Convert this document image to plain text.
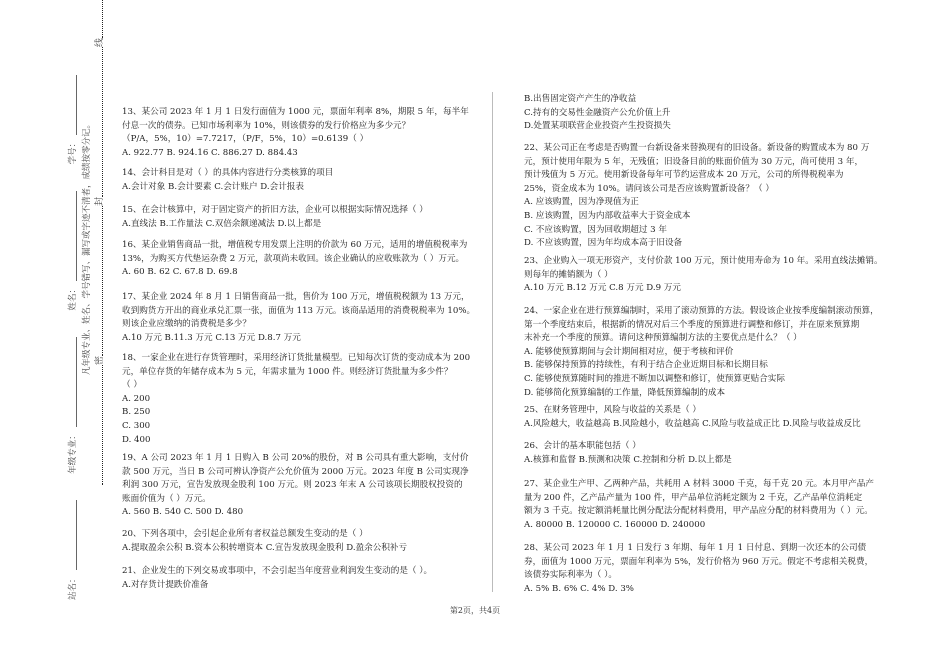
站名： 年级专业： 姓名： 学号： 凡年级专业、姓名、学号错写、漏写或字迹不清者，成绩按零分记。 密封线
13、某公司 2023 年 1 月 1 日发行面值为 1000 元，票面年利率 8%，期限 5 年，每半年
付息一次的债券。已知市场利率为 10%，则该债券的发行价格应为多少元？
（P/A，5%，10）=7.7217，（P/F，5%，10）=0.6139（ ）
A. 922.77 B. 924.16 C. 886.27 D. 884.43
14、会计科目是对（ ）的具体内容进行分类核算的项目
A.会计对象 B.会计要素 C.会计账户 D.会计报表
15、在会计核算中，对于固定资产的折旧方法，企业可以根据实际情况选择（ ）
A.直线法 B.工作量法 C.双倍余额递减法 D.以上都是
16、某企业销售商品一批，增值税专用发票上注明的价款为 60 万元，适用的增值税税率为
13%，为购买方代垫运杂费 2 万元，款项尚未收回。该企业确认的应收账款为（ ）万元。
A. 60 B. 62 C. 67.8 D. 69.8
17、某企业 2024 年 8 月 1 日销售商品一批，售价为 100 万元，增值税税额为 13 万元，
收到购货方开出的商业承兑汇票一张，面值为 113 万元。该商品适用的消费税税率为 10%。
则该企业应缴纳的消费税是多少？
A.10 万元 B.11.3 万元 C.13 万元 D.8.7 万元
18、一家企业在进行存货管理时，采用经济订货批量模型。已知每次订货的变动成本为 200
元，单位存货的年储存成本为 5 元，年需求量为 1000 件。则经济订货批量为多少件？
（ ）
A. 200
B. 250
C. 300
D. 400
19、A 公司 2023 年 1 月 1 日购入 B 公司 20%的股份，对 B 公司具有重大影响，支付价
款 500 万元，当日 B 公司可辨认净资产公允价值为 2000 万元。2023 年度 B 公司实现净
利润 300 万元，宣告发放现金股利 100 万元。则 2023 年末 A 公司该项长期股权投资的
账面价值为（ ）万元。
A. 560 B. 540 C. 500 D. 480
20、下列各项中，会引起企业所有者权益总额发生变动的是（ ）
A.提取盈余公积 B.资本公积转增资本 C.宣告发放现金股利 D.盈余公积补亏
21、企业发生的下列交易或事项中，不会引起当年度营业利润发生变动的是（ ）。
A.对存货计提跌价准备
B.出售固定资产产生的净收益
C.持有的交易性金融资产公允价值上升
D.处置某项联营企业投资产生投资损失
22、某公司正在考虑是否购置一台新设备来替换现有的旧设备。新设备的购置成本为 80 万
元，预计使用年限为 5 年，无残值；旧设备目前的账面价值为 30 万元，尚可使用 3 年，
预计残值为 5 万元。使用新设备每年可节约运营成本 20 万元，公司的所得税税率为
25%，资金成本为 10%。请问该公司是否应该购置新设备？（ ）
A. 应该购置，因为净现值为正
B. 应该购置，因为内部收益率大于资金成本
C. 不应该购置，因为回收期超过 3 年
D. 不应该购置，因为年均成本高于旧设备
23、企业购入一项无形资产，支付价款 100 万元，预计使用寿命为 10 年。采用直线法摊销。
则每年的摊销额为（ ）
A.10 万元 B.12 万元 C.8 万元 D.9 万元
24、一家企业在进行预算编制时，采用了滚动预算的方法。假设该企业按季度编制滚动预算，
第一个季度结束后，根据新的情况对后三个季度的预算进行调整和修订，并在原来预算期
末补充一个季度的预算。请问这种预算编制方法的主要优点是什么？（ ）
A. 能够使预算期间与会计期间相对应，便于考核和评价
B. 能够保持预算的持续性，有利于结合企业近期目标和长期目标
C. 能够使预算随时间的推进不断加以调整和修订，使预算更贴合实际
D. 能够简化预算编制的工作量，降低预算编制的成本
25、在财务管理中，风险与收益的关系是（ ）
A.风险越大，收益越高 B.风险越小，收益越高 C.风险与收益成正比 D.风险与收益成反比
26、会计的基本职能包括（ ）
A.核算和监督 B.预测和决策 C.控制和分析 D.以上都是
27、某企业生产甲、乙两种产品，共耗用 A 材料 3000 千克，每千克 20 元。本月甲产品产
量为 200 件，乙产品产量为 100 件，甲产品单位消耗定额为 2 千克，乙产品单位消耗定
额为 3 千克。按定额消耗量比例分配法分配材料费用，甲产品应分配的材料费用为（ ）元。
A. 80000 B. 120000 C. 160000 D. 240000
28、某公司 2023 年 1 月 1 日发行 3 年期、每年 1 月 1 日付息、到期一次还本的公司债
券，面值为 1000 万元，票面年利率为 5%，发行价格为 960 万元。假定不考虑相关税费，
该债券实际利率为（ ）。
A. 5% B. 6% C. 4% D. 3%
第2页，共4页
